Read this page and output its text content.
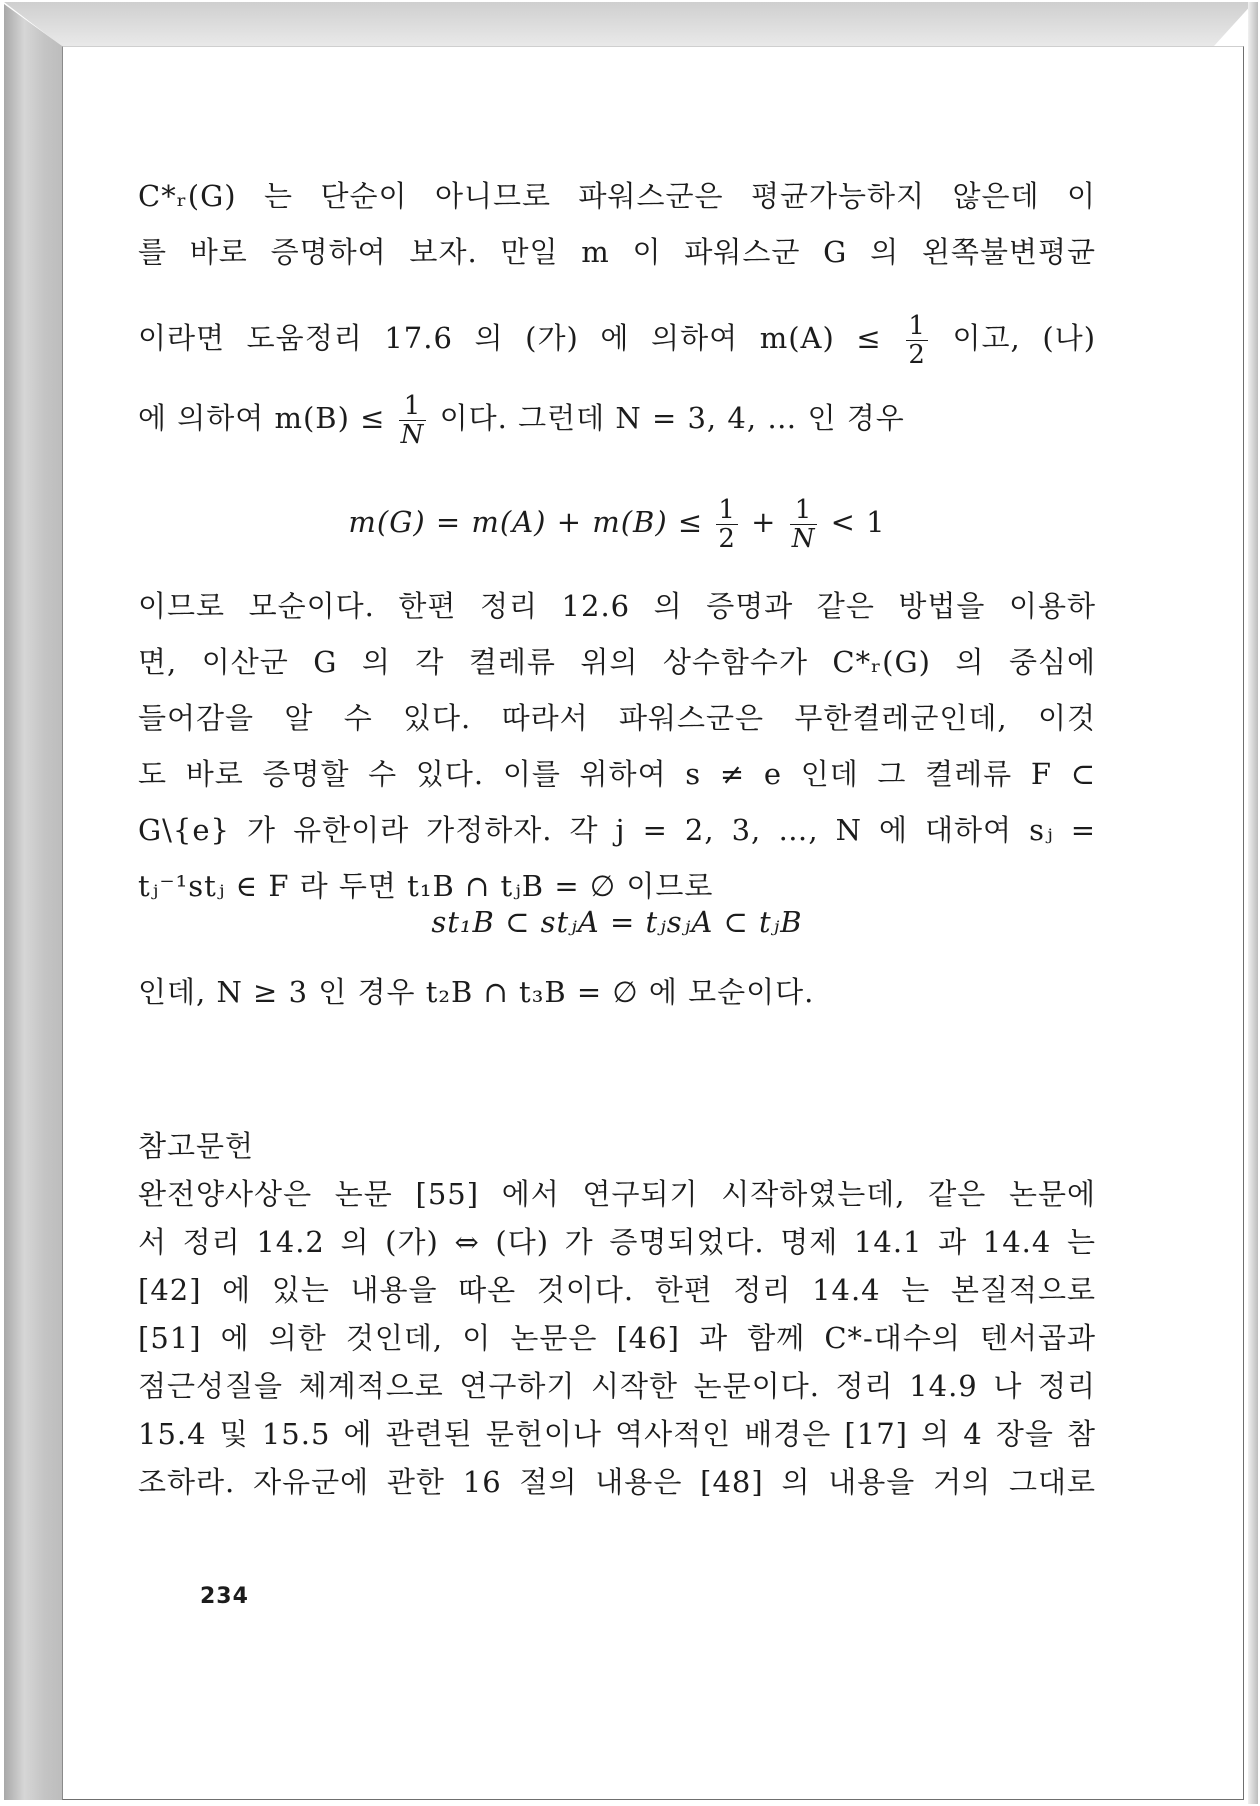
C*ᵣ(G) 는 단순이 아니므로 파워스군은 평균가능하지 않은데 이
를 바로 증명하여 보자. 만일 m 이 파워스군 G 의 왼쪽불변평균
이라면 도움정리 17.6 의 (가) 에 의하여 $m(A) \le \frac{1}{2}$ 이고, (나)
에 의하여 $m(B) \le \frac{1}{N}$ 이다. 그런데 N = 3, 4, … 인 경우
$m(G) = m(A) + m(B) \le \frac{1}{2} + \frac{1}{N} < 1$
이므로 모순이다. 한편 정리 12.6 의 증명과 같은 방법을 이용하
면, 이산군 G 의 각 켤레류 위의 상수함수가 C*ᵣ(G) 의 중심에
들어감을 알 수 있다. 따라서 파워스군은 무한켤레군인데, 이것
도 바로 증명할 수 있다. 이를 위하여 s ≠ e 인데 그 켤레류 F ⊂
G\{e} 가 유한이라 가정하자. 각 j = 2, 3, …, N 에 대하여 sⱼ =
tⱼ⁻¹stⱼ ∈ F 라 두면 t₁B ∩ tⱼB = ∅ 이므로
st₁B ⊂ stⱼA = tⱼsⱼA ⊂ tⱼB
인데, N ≥ 3 인 경우 t₂B ∩ t₃B = ∅ 에 모순이다.
참고문헌
완전양사상은 논문 [55] 에서 연구되기 시작하였는데, 같은 논문에
서 정리 14.2 의 (가) ⇔ (다) 가 증명되었다. 명제 14.1 과 14.4 는
[42] 에 있는 내용을 따온 것이다. 한편 정리 14.4 는 본질적으로
[51] 에 의한 것인데, 이 논문은 [46] 과 함께 C*-대수의 텐서곱과
점근성질을 체계적으로 연구하기 시작한 논문이다. 정리 14.9 나 정리
15.4 및 15.5 에 관련된 문헌이나 역사적인 배경은 [17] 의 4 장을 참
조하라. 자유군에 관한 16 절의 내용은 [48] 의 내용을 거의 그대로
234
